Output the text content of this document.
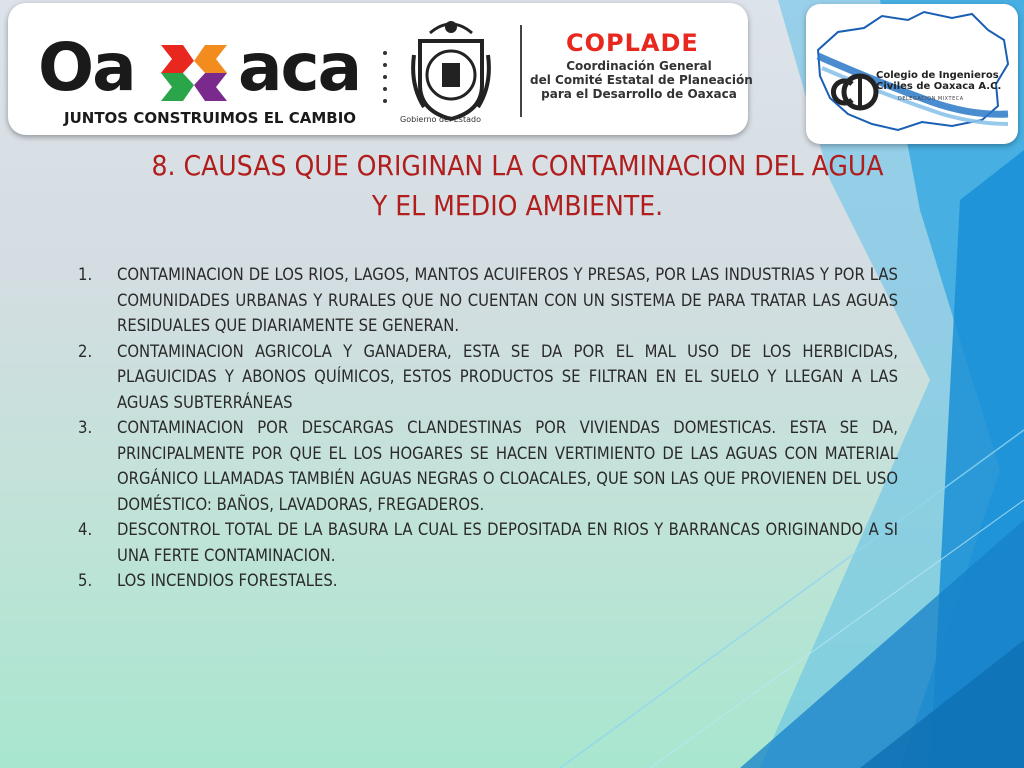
Oa aca
JUNTOS CONSTRUIMOS EL CAMBIO	Gobierno del Estado
COPLADE
Coordinación General
del Comité Estatal de Planeación
para el Desarrollo de Oaxaca
Colegio de Ingenieros
Civiles de Oaxaca A.C.
DELEGACION MIXTECA
8. CAUSAS QUE ORIGINAN LA CONTAMINACION DEL AGUA
Y EL MEDIO AMBIENTE.
1. CONTAMINACION DE LOS RIOS, LAGOS, MANTOS ACUIFEROS Y PRESAS, POR LAS INDUSTRIAS Y POR LAS COMUNIDADES URBANAS Y RURALES QUE NO CUENTAN CON UN SISTEMA DE PARA TRATAR LAS AGUAS RESIDUALES QUE DIARIAMENTE SE GENERAN.
2. CONTAMINACION AGRICOLA Y GANADERA, ESTA SE DA POR EL MAL USO DE LOS HERBICIDAS, PLAGUICIDAS Y ABONOS QUÍMICOS, ESTOS PRODUCTOS SE FILTRAN EN EL SUELO Y LLEGAN A LAS AGUAS SUBTERRÁNEAS
3. CONTAMINACION POR DESCARGAS CLANDESTINAS POR VIVIENDAS DOMESTICAS. ESTA SE DA, PRINCIPALMENTE POR QUE EL LOS HOGARES SE HACEN VERTIMIENTO DE LAS AGUAS CON MATERIAL ORGÁNICO LLAMADAS TAMBIÉN AGUAS NEGRAS O CLOACALES, QUE SON LAS QUE PROVIENEN DEL USO DOMÉSTICO: BAÑOS, LAVADORAS, FREGADEROS.
4. DESCONTROL TOTAL DE LA BASURA LA CUAL ES DEPOSITADA EN RIOS Y BARRANCAS ORIGINANDO A SI UNA FERTE CONTAMINACION.
5. LOS INCENDIOS FORESTALES.
